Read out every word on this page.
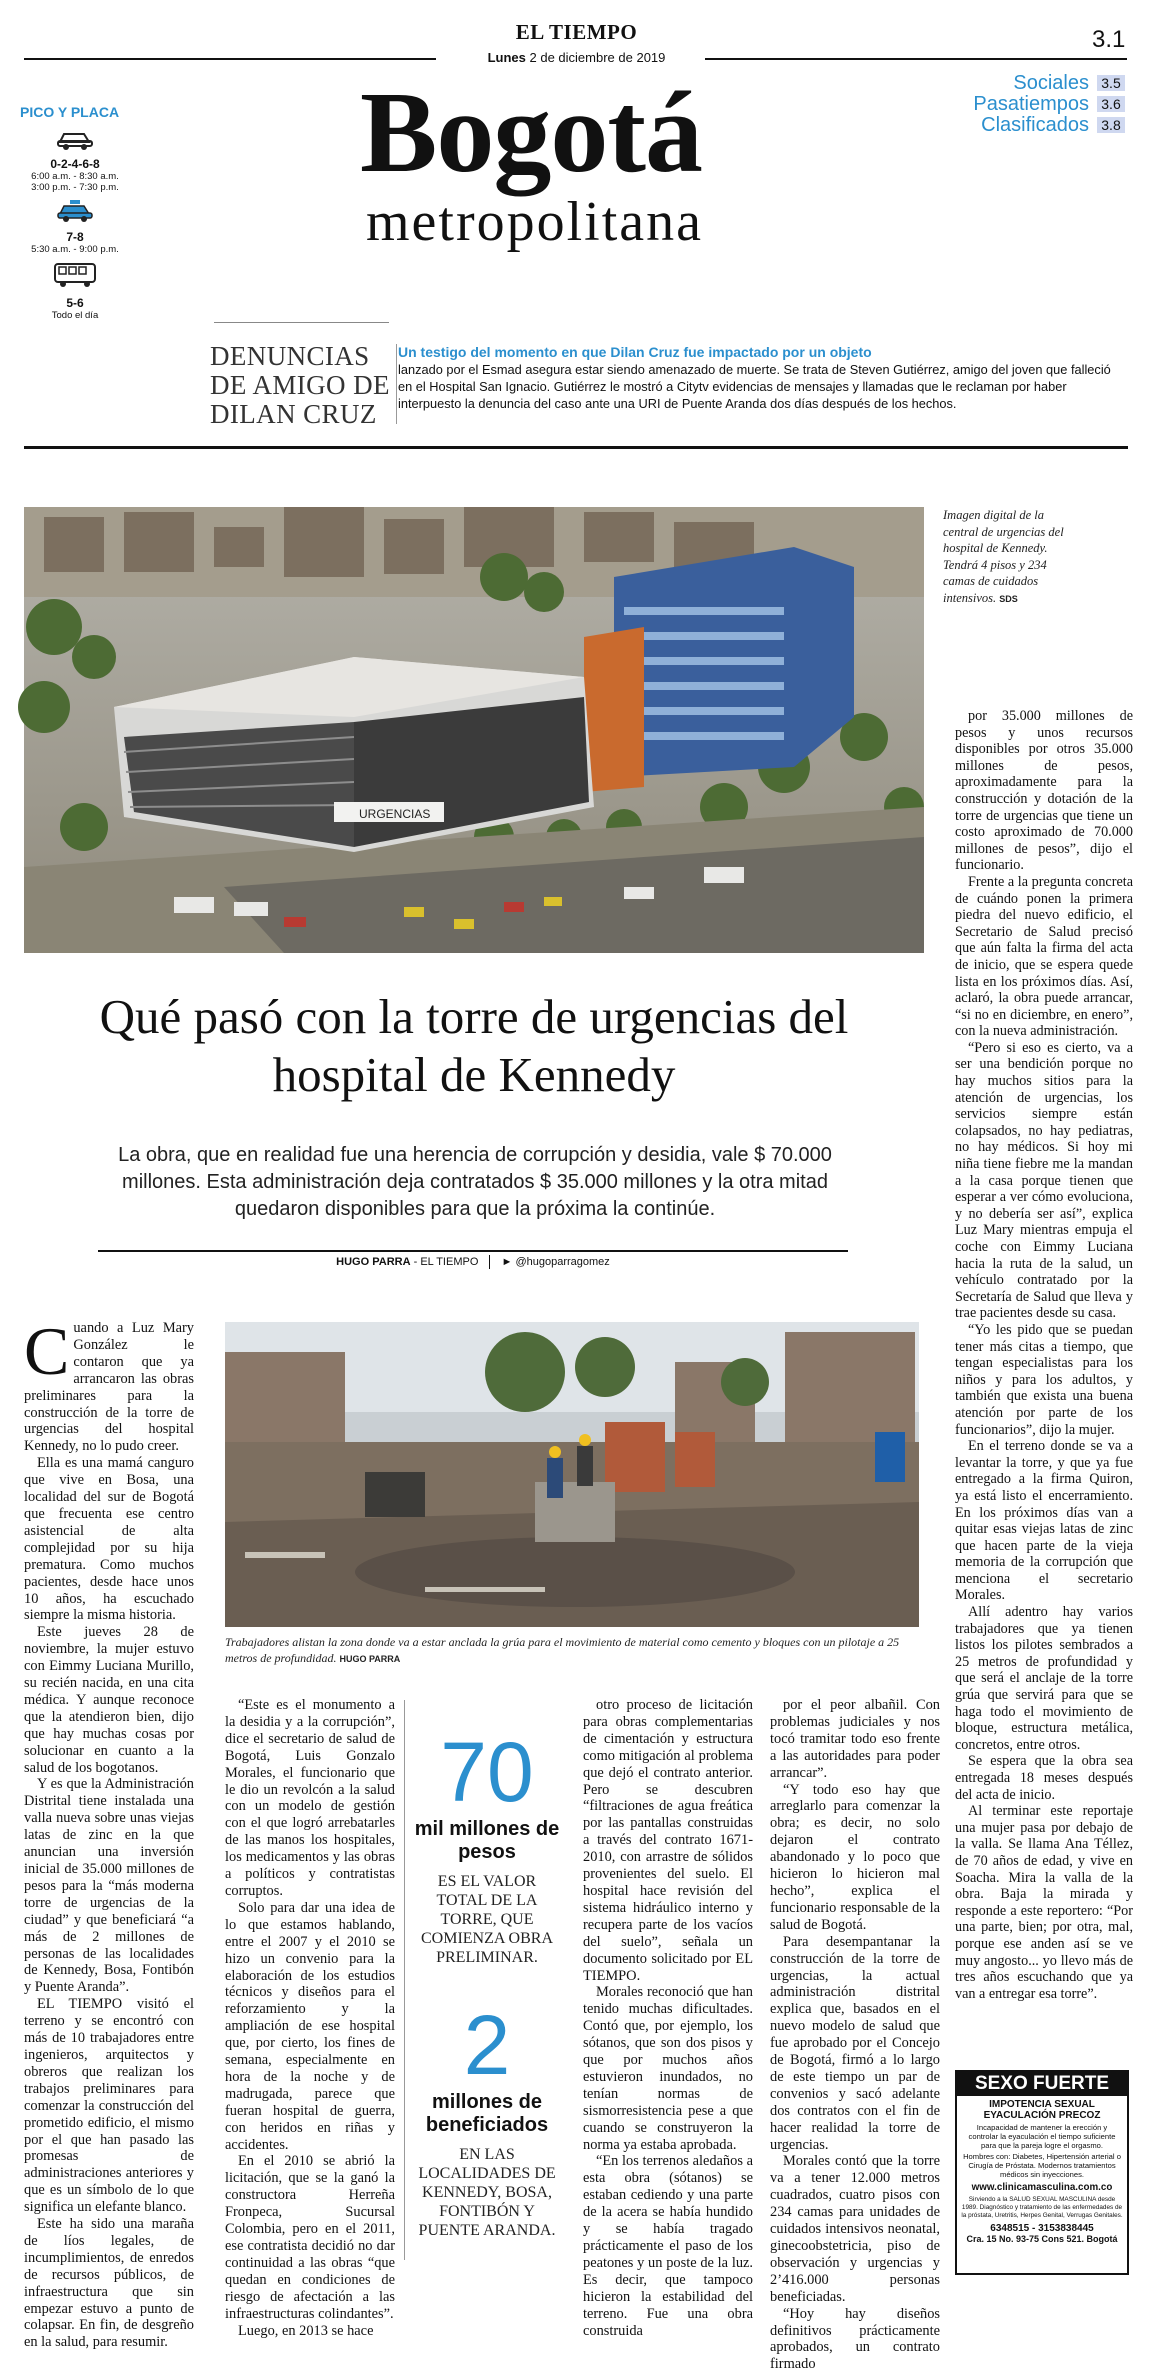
EL TIEMPO
Lunes 2 de diciembre de 2019
3.1
Bogotá
metropolitana
Sociales 3.5
Pasatiempos 3.6
Clasificados 3.8
PICO Y PLACA
0-2-4-6-8
6:00 a.m. - 8:30 a.m.
3:00 p.m. - 7:30 p.m.
7-8
5:30 a.m. - 9:00 p.m.
5-6
Todo el día
DENUNCIAS DE AMIGO DE DILAN CRUZ
Un testigo del momento en que Dilan Cruz fue impactado por un objeto
lanzado por el Esmad asegura estar siendo amenazado de muerte. Se trata de Steven Gutiérrez, amigo del joven que falleció en el Hospital San Ignacio. Gutiérrez le mostró a Citytv evidencias de mensajes y llamadas que le reclaman por haber interpuesto la denuncia del caso ante una URI de Puente Aranda dos días después de los hechos.
URGENCIAS
Imagen digital de la central de urgencias del hospital de Kennedy. Tendrá 4 pisos y 234 camas de cuidados intensivos. SDS
Qué pasó con la torre de urgencias del hospital de Kennedy
La obra, que en realidad fue una herencia de corrupción y desidia, vale $ 70.000 millones. Esta administración deja contratados $ 35.000 millones y la otra mitad quedaron disponibles para que la próxima la continúe.
HUGO PARRA - EL TIEMPO ► @hugoparragomez
C uando a Luz Mary González le contaron que ya arrancaron las obras preliminares para la construcción de la torre de urgencias del hospital Kennedy, no lo pudo creer.

Ella es una mamá canguro que vive en Bosa, una localidad del sur de Bogotá que frecuenta ese centro asistencial de alta complejidad por su hija prematura. Como muchos pacientes, desde hace unos 10 años, ha escuchado siempre la misma historia.

Este jueves 28 de noviembre, la mujer estuvo con Eimmy Luciana Murillo, su recién nacida, en una cita médica. Y aunque reconoce que la atendieron bien, dijo que hay muchas cosas por solucionar en cuanto a la salud de los bogotanos.

Y es que la Administración Distrital tiene instalada una valla nueva sobre unas viejas latas de zinc en la que anuncian una inversión inicial de 35.000 millones de pesos para la “más moderna torre de urgencias de la ciudad” y que beneficiará “a más de 2 millones de personas de las localidades de Kennedy, Bosa, Fontibón y Puente Aranda”.

EL TIEMPO visitó el terreno y se encontró con más de 10 trabajadores entre ingenieros, arquitectos y obreros que realizan los trabajos preliminares para comenzar la construcción del prometido edificio, el mismo por el que han pasado las promesas de administraciones anteriores y que es un símbolo de lo que significa un elefante blanco.

Este ha sido una maraña de líos legales, de incumplimientos, de enredos de recursos públicos, de infraestructura que sin empezar estuvo a punto de colapsar. En fin, de desgreño en la salud, para resumir.

Trabajadores alistan la zona donde va a estar anclada la grúa para el movimiento de material como cemento y bloques con un pilotaje a 25 metros de profundidad. HUGO PARRA

“Este es el monumento a la desidia y a la corrupción”, dice el secretario de salud de Bogotá, Luis Gonzalo Morales, el funcionario que le dio un revolcón a la salud con un modelo de gestión con el que logró arrebatarles de las manos los hospitales, los medicamentos y las obras a políticos y contratistas corruptos.

Solo para dar una idea de lo que estamos hablando, entre el 2007 y el 2010 se hizo un convenio para la elaboración de los estudios técnicos y diseños para el reforzamiento y la ampliación de ese hospital que, por cierto, los fines de semana, especialmente en hora de la noche y de madrugada, parece que fueran hospital de guerra, con heridos en riñas y accidentes.

En el 2010 se abrió la licitación, que se la ganó la constructora Herreña Fronpeca, Sucursal Colombia, pero en el 2011, ese contratista decidió no dar continuidad a las obras “que quedan en condiciones de riesgo de afectación a las infraestructuras colindantes”.

Luego, en 2013 se hace

70
mil millones de pesos
ES EL VALOR TOTAL DE LA TORRE, QUE COMIENZA OBRA PRELIMINAR.
2
millones de beneficiados
EN LAS LOCALIDADES DE KENNEDY, BOSA, FONTIBÓN Y PUENTE ARANDA.

otro proceso de licitación para obras complementarias de cimentación y estructura como mitigación al problema que dejó el contrato anterior. Pero se descubren “filtraciones de agua freática por las pantallas construidas a través del contrato 1671-2010, con arrastre de sólidos provenientes del suelo. El hospital hace revisión del sistema hidráulico interno y recupera parte de los vacíos del suelo”, señala un documento solicitado por EL TIEMPO.

Morales reconoció que han tenido muchas dificultades. Contó que, por ejemplo, los sótanos, que son dos pisos y que por muchos años estuvieron inundados, no tenían normas de sismorresistencia pese a que cuando se construyeron la norma ya estaba aprobada.

“En los terrenos aledaños a esta obra (sótanos) se estaban cediendo y una parte de la acera se había hundido y se había tragado prácticamente el paso de los peatones y un poste de la luz. Es decir, que tampoco hicieron la estabilidad del terreno. Fue una obra construida

por el peor albañil. Con problemas judiciales y nos tocó tramitar todo eso frente a las autoridades para poder arrancar”.

“Y todo eso hay que arreglarlo para comenzar la obra; es decir, no solo dejaron el contrato abandonado y lo poco que hicieron lo hicieron mal hecho”, explica el funcionario responsable de la salud de Bogotá.

Para desempantanar la construcción de la torre de urgencias, la actual administración distrital explica que, basados en el nuevo modelo de salud que fue aprobado por el Concejo de Bogotá, firmó a lo largo de este tiempo un par de convenios y sacó adelante dos contratos con el fin de hacer realidad la torre de urgencias.

Morales contó que la torre va a tener 12.000 metros cuadrados, cuatro pisos con 234 camas para unidades de cuidados intensivos neonatal, ginecoobstetricia, piso de observación y urgencias y 2’416.000 personas beneficiadas.

“Hoy hay diseños definitivos prácticamente aprobados, un contrato firmado

por 35.000 millones de pesos y unos recursos disponibles por otros 35.000 millones de pesos, aproximadamente para la construcción y dotación de la torre de urgencias que tiene un costo aproximado de 70.000 millones de pesos”, dijo el funcionario.

Frente a la pregunta concreta de cuándo ponen la primera piedra del nuevo edificio, el Secretario de Salud precisó que aún falta la firma del acta de inicio, que se espera quede lista en los próximos días. Así, aclaró, la obra puede arrancar, “si no en diciembre, en enero”, con la nueva administración.

“Pero si eso es cierto, va a ser una bendición porque no hay muchos sitios para la atención de urgencias, los servicios siempre están colapsados, no hay pediatras, no hay médicos. Si hoy mi niña tiene fiebre me la mandan a la casa porque tienen que esperar a ver cómo evoluciona, y no debería ser así”, explica Luz Mary mientras empuja el coche con Eimmy Luciana hacia la ruta de la salud, un vehículo contratado por la Secretaría de Salud que lleva y trae pacientes desde su casa.

“Yo les pido que se puedan tener más citas a tiempo, que tengan especialistas para los niños y para los adultos, y también que exista una buena atención por parte de los funcionarios”, dijo la mujer.

En el terreno donde se va a levantar la torre, y que ya fue entregado a la firma Quiron, ya está listo el encerramiento. En los próximos días van a quitar esas viejas latas de zinc que hacen parte de la vieja memoria de la corrupción que menciona el secretario Morales.

Allí adentro hay varios trabajadores que ya tienen listos los pilotes sembrados a 25 metros de profundidad y que será el anclaje de la torre grúa que servirá para que se haga todo el movimiento de bloque, estructura metálica, concretos, entre otros.

Se espera que la obra sea entregada 18 meses después del acta de inicio.

Al terminar este reportaje una mujer pasa por debajo de la valla. Se llama Ana Téllez, de 70 años de edad, y vive en Soacha. Mira la valla de la obra. Baja la mirada y responde a este reportero: “Por una parte, bien; por otra, mal, porque ese anden así se ve muy angosto... yo llevo más de tres años escuchando que ya van a entregar esa torre”.

SEXO FUERTE
IMPOTENCIA SEXUAL
EYACULACIÓN PRECOZ
Incapacidad de mantener la erección y controlar la eyaculación el tiempo suficiente para que la pareja logre el orgasmo.
Hombres con: Diabetes, Hipertensión arterial o Cirugía de Próstata. Modernos tratamientos médicos sin inyecciones.
www.clinicamasculina.com.co
Sirviendo a la SALUD SEXUAL MASCULINA desde 1989. Diagnóstico y tratamiento de las enfermedades de la próstata, Uretritis, Herpes Genital, Verrugas Genitales.
6348515 - 3153838445
Cra. 15 No. 93-75 Cons 521. Bogotá
